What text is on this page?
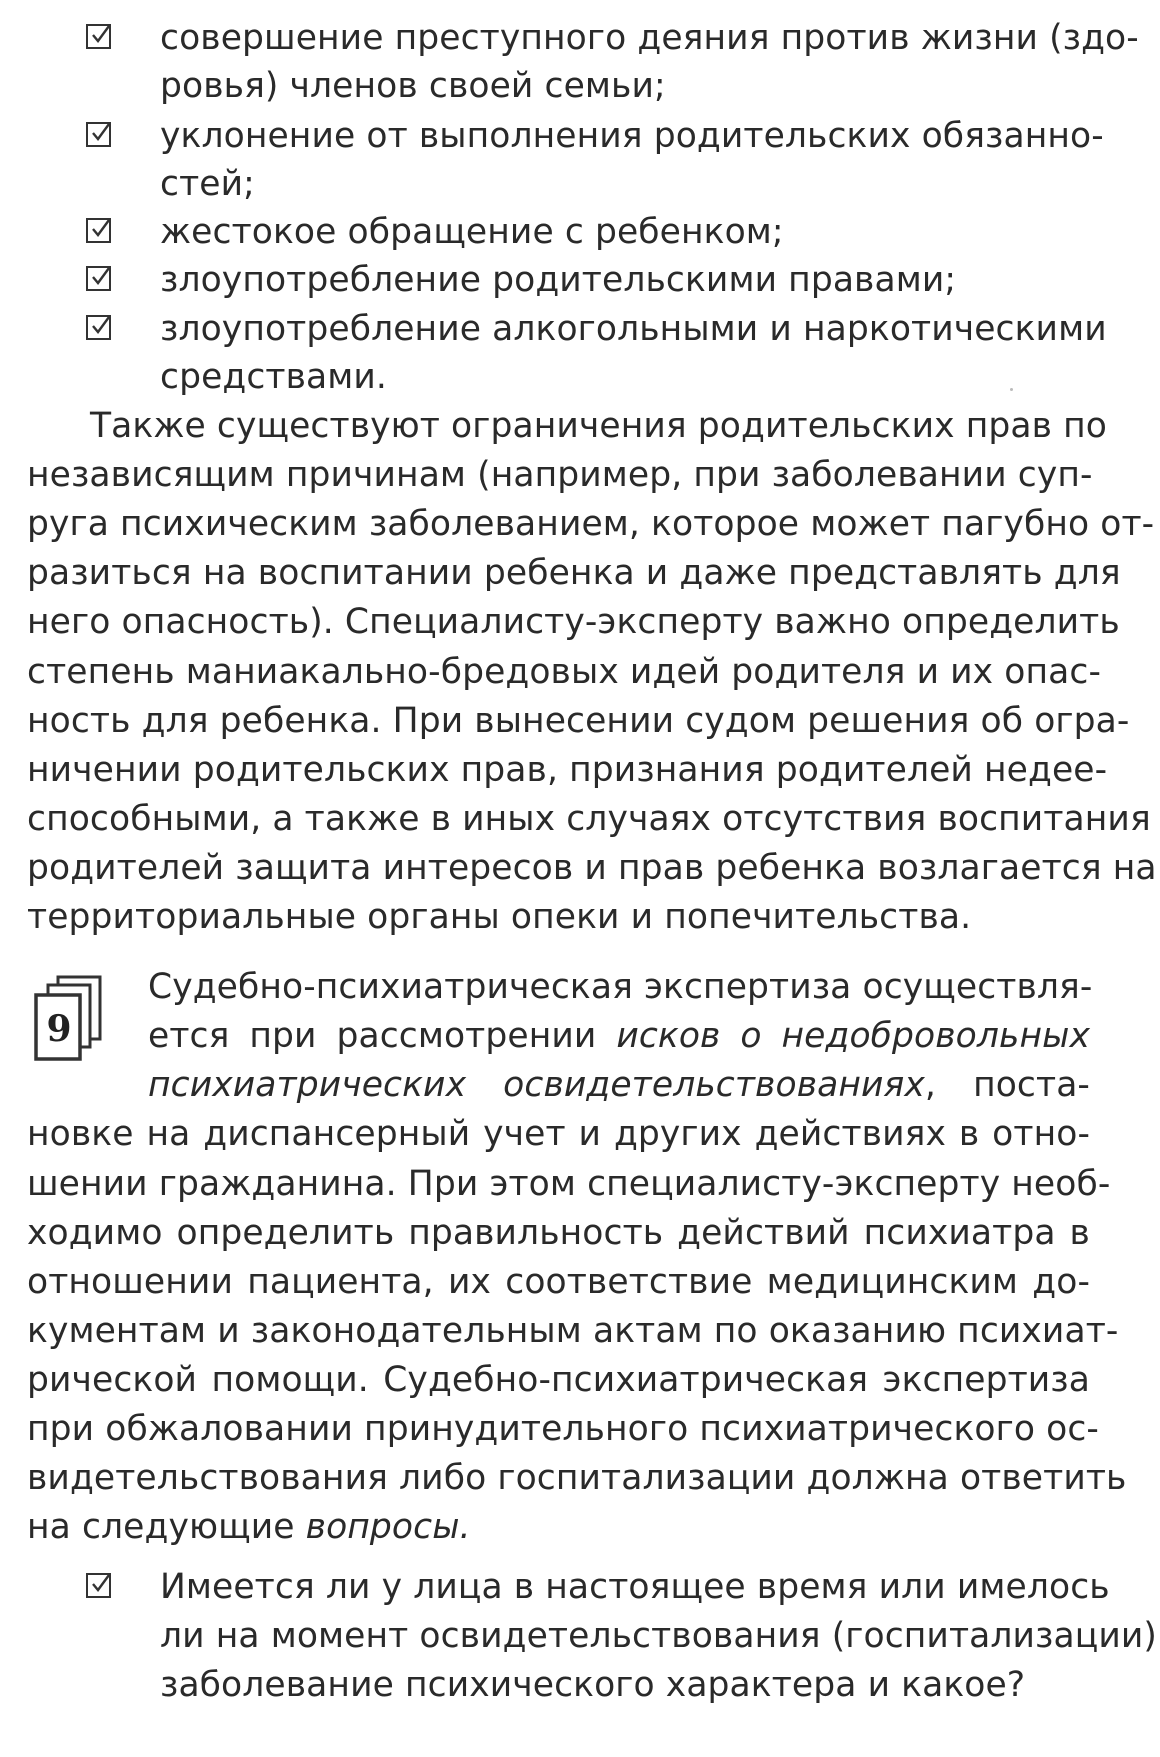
совершение преступного деяния против жизни (здо-
ровья) членов своей семьи;
уклонение от выполнения родительских обязанно-
стей;
жестокое обращение с ребенком;
злоупотребление родительскими правами;
злоупотребление алкогольными и наркотическими
средствами.
Также существуют ограничения родительских прав по
независящим причинам (например, при заболевании суп-
руга психическим заболеванием, которое может пагубно от-
разиться на воспитании ребенка и даже представлять для
него опасность). Специалисту-эксперту важно определить
степень маниакально-бредовых идей родителя и их опас-
ность для ребенка. При вынесении судом решения об огра-
ничении родительских прав, признания родителей недее-
способными, а также в иных случаях отсутствия воспитания
родителей защита интересов и прав ребенка возлагается на
территориальные органы опеки и попечительства.
9
Судебно-психиатрическая экспертиза осуществля-
ется при рассмотрении исков о недобровольных
психиатрических освидетельствованиях, поста-
новке на диспансерный учет и других действиях в отно-
шении гражданина. При этом специалисту-эксперту необ-
ходимо определить правильность действий психиатра в
отношении пациента, их соответствие медицинским до-
кументам и законодательным актам по оказанию психиат-
рической помощи. Судебно-психиатрическая экспертиза
при обжаловании принудительного психиатрического ос-
видетельствования либо госпитализации должна ответить
на следующие вопросы.
Имеется ли у лица в настоящее время или имелось
ли на момент освидетельствования (госпитализации)
заболевание психического характера и какое?
